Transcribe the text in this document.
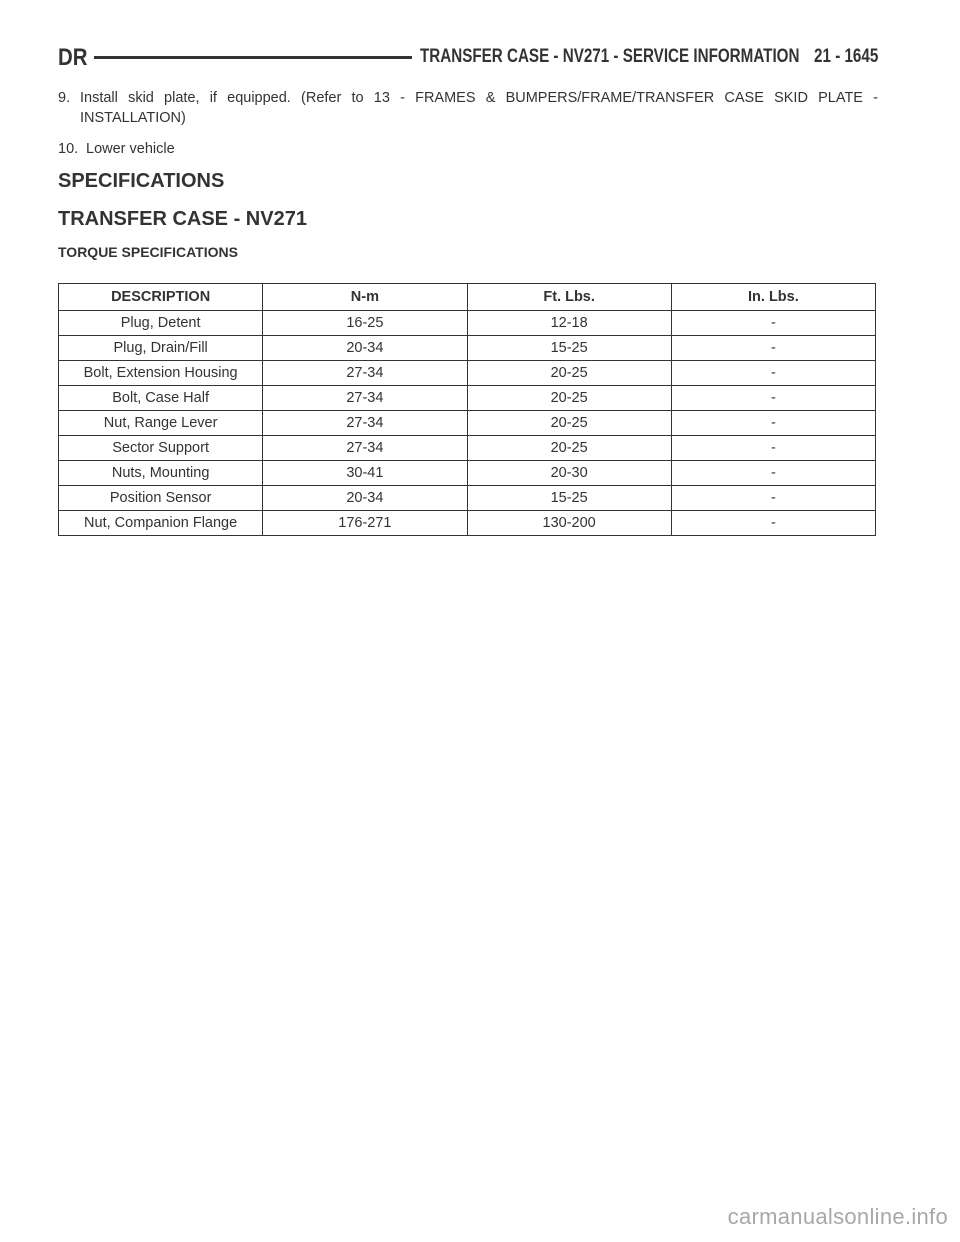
DR	TRANSFER CASE - NV271 - SERVICE INFORMATION 21 - 1645
9. Install skid plate, if equipped. (Refer to 13 - FRAMES & BUMPERS/FRAME/TRANSFER CASE SKID PLATE - INSTALLATION)
10. Lower vehicle
SPECIFICATIONS
TRANSFER CASE - NV271
TORQUE SPECIFICATIONS
DESCRIPTION	N-m	Ft. Lbs.	In. Lbs.
Plug, Detent	16-25	12-18	-
Plug, Drain/Fill	20-34	15-25	-
Bolt, Extension Housing	27-34	20-25	-
Bolt, Case Half	27-34	20-25	-
Nut, Range Lever	27-34	20-25	-
Sector Support	27-34	20-25	-
Nuts, Mounting	30-41	20-30	-
Position Sensor	20-34	15-25	-
Nut, Companion Flange	176-271	130-200	-
carmanualsonline.info
